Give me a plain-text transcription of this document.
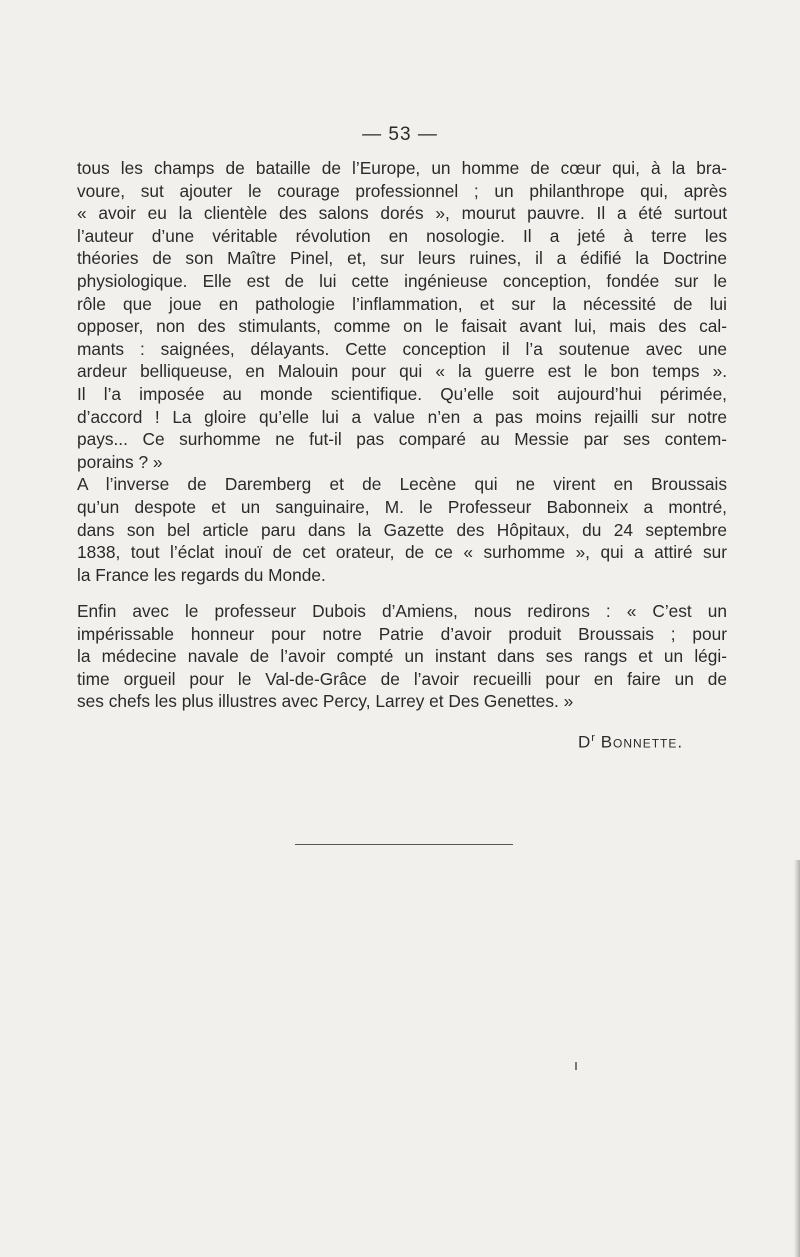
— 53 —
tous les champs de bataille de l’Europe, un homme de cœur qui, à la bra-
voure, sut ajouter le courage professionnel ; un philanthrope qui, après
« avoir eu la clientèle des salons dorés », mourut pauvre. Il a été surtout
l’auteur d’une véritable révolution en nosologie. Il a jeté à terre les
théories de son Maître Pinel, et, sur leurs ruines, il a édifié la Doctrine
physiologique. Elle est de lui cette ingénieuse conception, fondée sur le
rôle que joue en pathologie l’inflammation, et sur la nécessité de lui
opposer, non des stimulants, comme on le faisait avant lui, mais des cal-
mants : saignées, délayants. Cette conception il l’a soutenue avec une
ardeur belliqueuse, en Malouin pour qui « la guerre est le bon temps ».
Il l’a imposée au monde scientifique. Qu’elle soit aujourd’hui périmée,
d’accord ! La gloire qu’elle lui a value n’en a pas moins rejailli sur notre
pays... Ce surhomme ne fut-il pas comparé au Messie par ses contem-
porains ? »
A l’inverse de Daremberg et de Lecène qui ne virent en Broussais
qu’un despote et un sanguinaire, M. le Professeur Babonneix a montré,
dans son bel article paru dans la Gazette des Hôpitaux, du 24 septembre
1838, tout l’éclat inouï de cet orateur, de ce « surhomme », qui a attiré sur
la France les regards du Monde.
Enfin avec le professeur Dubois d’Amiens, nous redirons : « C’est un
impérissable honneur pour notre Patrie d’avoir produit Broussais ; pour
la médecine navale de l’avoir compté un instant dans ses rangs et un légi-
time orgueil pour le Val-de-Grâce de l’avoir recueilli pour en faire un de
ses chefs les plus illustres avec Percy, Larrey et Des Genettes. »
$D^r$ Bonnette.
